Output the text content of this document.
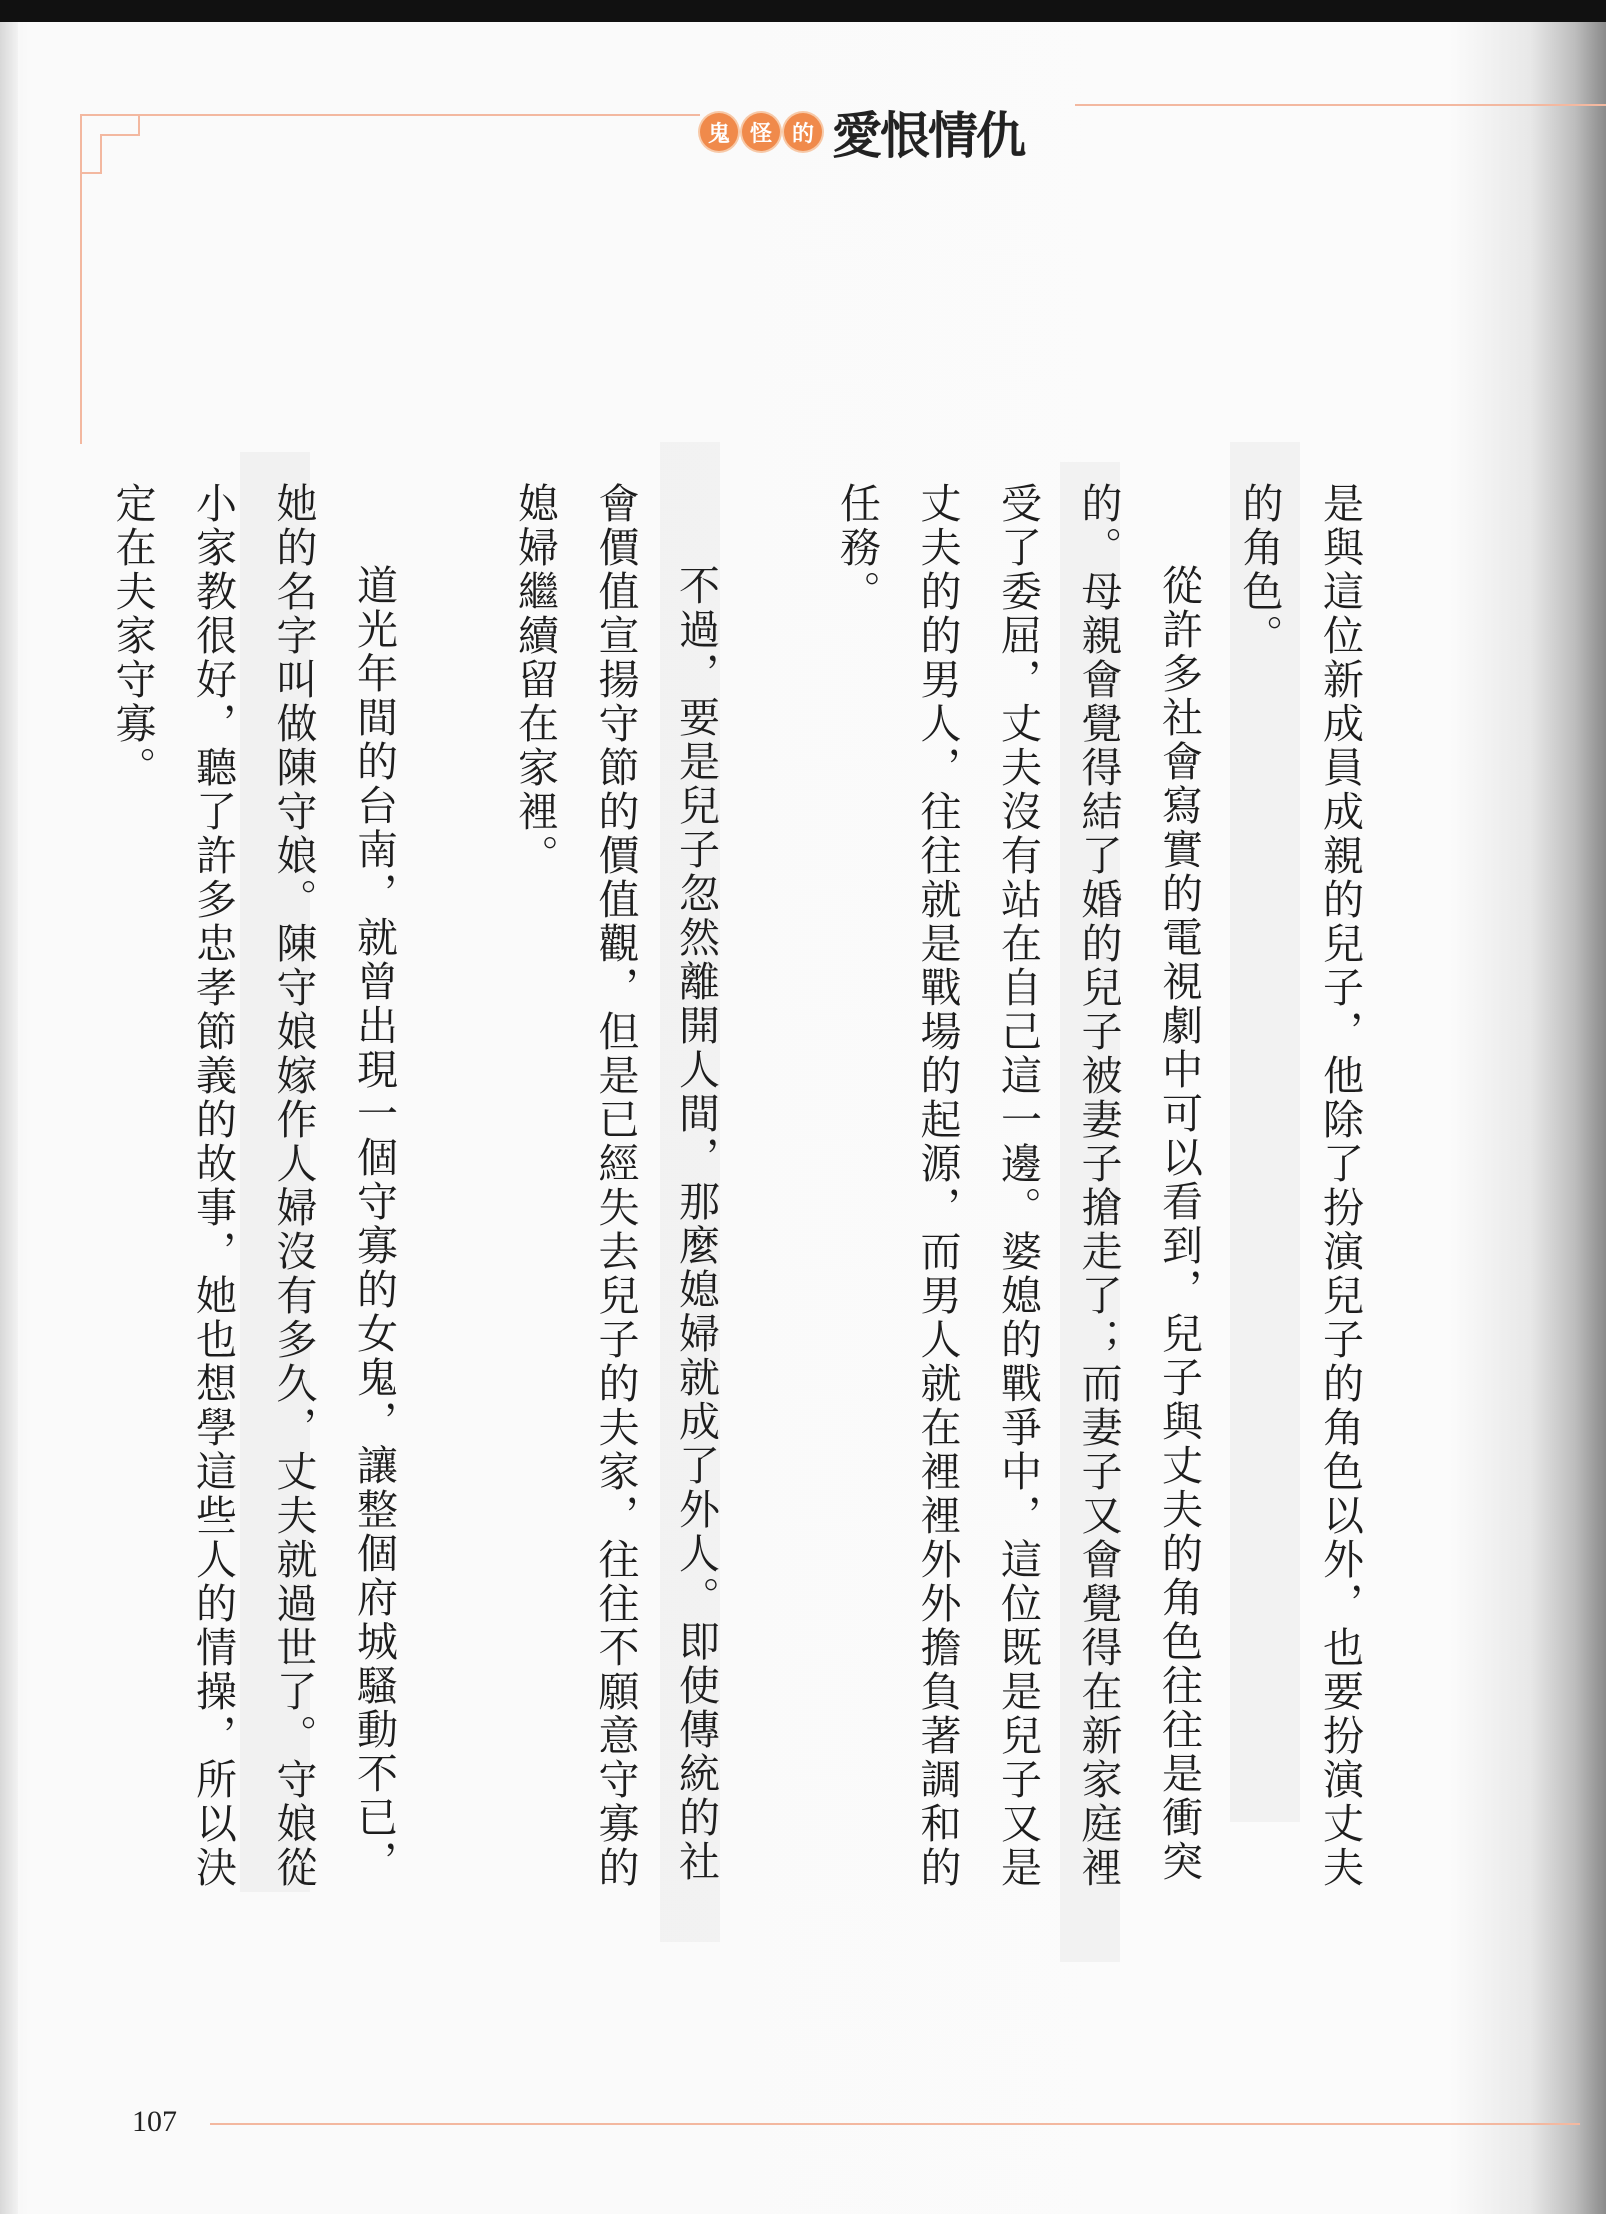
鬼 怪 的 愛恨情仇

是與這位新成員成親的兒子，他除了扮演兒子的角色以外，也要扮演丈夫的角色。

從許多社會寫實的電視劇中可以看到，兒子與丈夫的角色往往是衝突的。母親會覺得結了婚的兒子被妻子搶走了；而妻子又會覺得在新家庭裡受了委屈，丈夫沒有站在自己這一邊。婆媳的戰爭中，這位既是兒子又是丈夫的的男人，往往就是戰場的起源，而男人就在裡裡外外擔負著調和的任務。

不過，要是兒子忽然離開人間，那麼媳婦就成了外人。即使傳統的社會價值宣揚守節的價值觀，但是已經失去兒子的夫家，往往不願意守寡的媳婦繼續留在家裡。

道光年間的台南，就曾出現一個守寡的女鬼，讓整個府城騷動不已，她的名字叫做陳守娘。陳守娘嫁作人婦沒有多久，丈夫就過世了。守娘從小家教很好，聽了許多忠孝節義的故事，她也想學這些人的情操，所以決定在夫家守寡。

107
